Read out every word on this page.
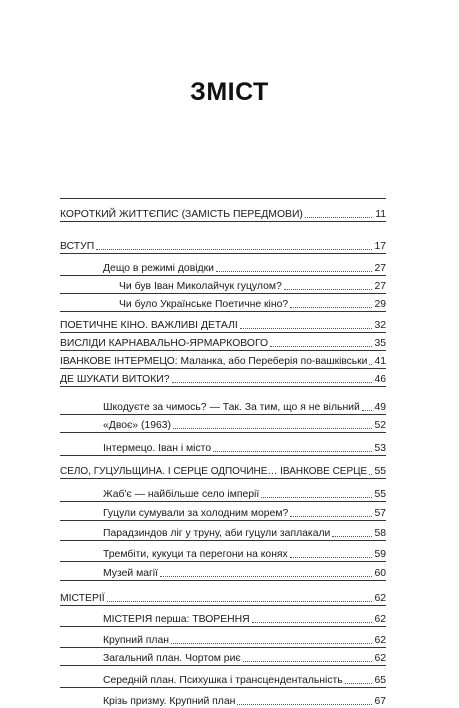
ЗМІСТ
КОРОТКИЙ ЖИТТЄПИС (ЗАМІСТЬ ПЕРЕДМОВИ)	11
ВСТУП	17
Дещо в режимі довідки	27
Чи був Іван Миколайчук гуцулом?	27
Чи було Українське Поетичне кіно?	29
ПОЕТИЧНЕ КІНО. ВАЖЛИВІ ДЕТАЛІ	32
ВИСЛІДИ КАРНАВАЛЬНО-ЯРМАРКОВОГО	35
ІВАНКОВЕ ІНТЕРМЕЦО: Маланка, або Переберія по-вашківськи 41
ДЕ ШУКАТИ ВИТОКИ?	46
Шкодуєте за чимось? — Так. За тим, що я не вільний 49
«Двоє» (1963)	52
Інтермецо. Іван і місто	53
СЕЛО, ГУЦУЛЬЩИНА. І СЕРЦЕ ОДПОЧИНЕ… ІВАНКОВЕ СЕРЦЕ 55
Жаб'є — найбільше село імперії	55
Гуцули сумували за холодним морем?	57
Парадзиндов ліг у труну, аби гуцули заплакали	58
Трембіти, кукуци та перегони на конях	59
Музей магії	60
МІСТЕРІЇ	62
МІСТЕРІЯ перша: ТВОРЕННЯ	62
Крупний план	62
Загальний план. Чортом риє	62
Середній план. Психушка і трансцендентальність	65
Крізь призму. Крупний план	67
